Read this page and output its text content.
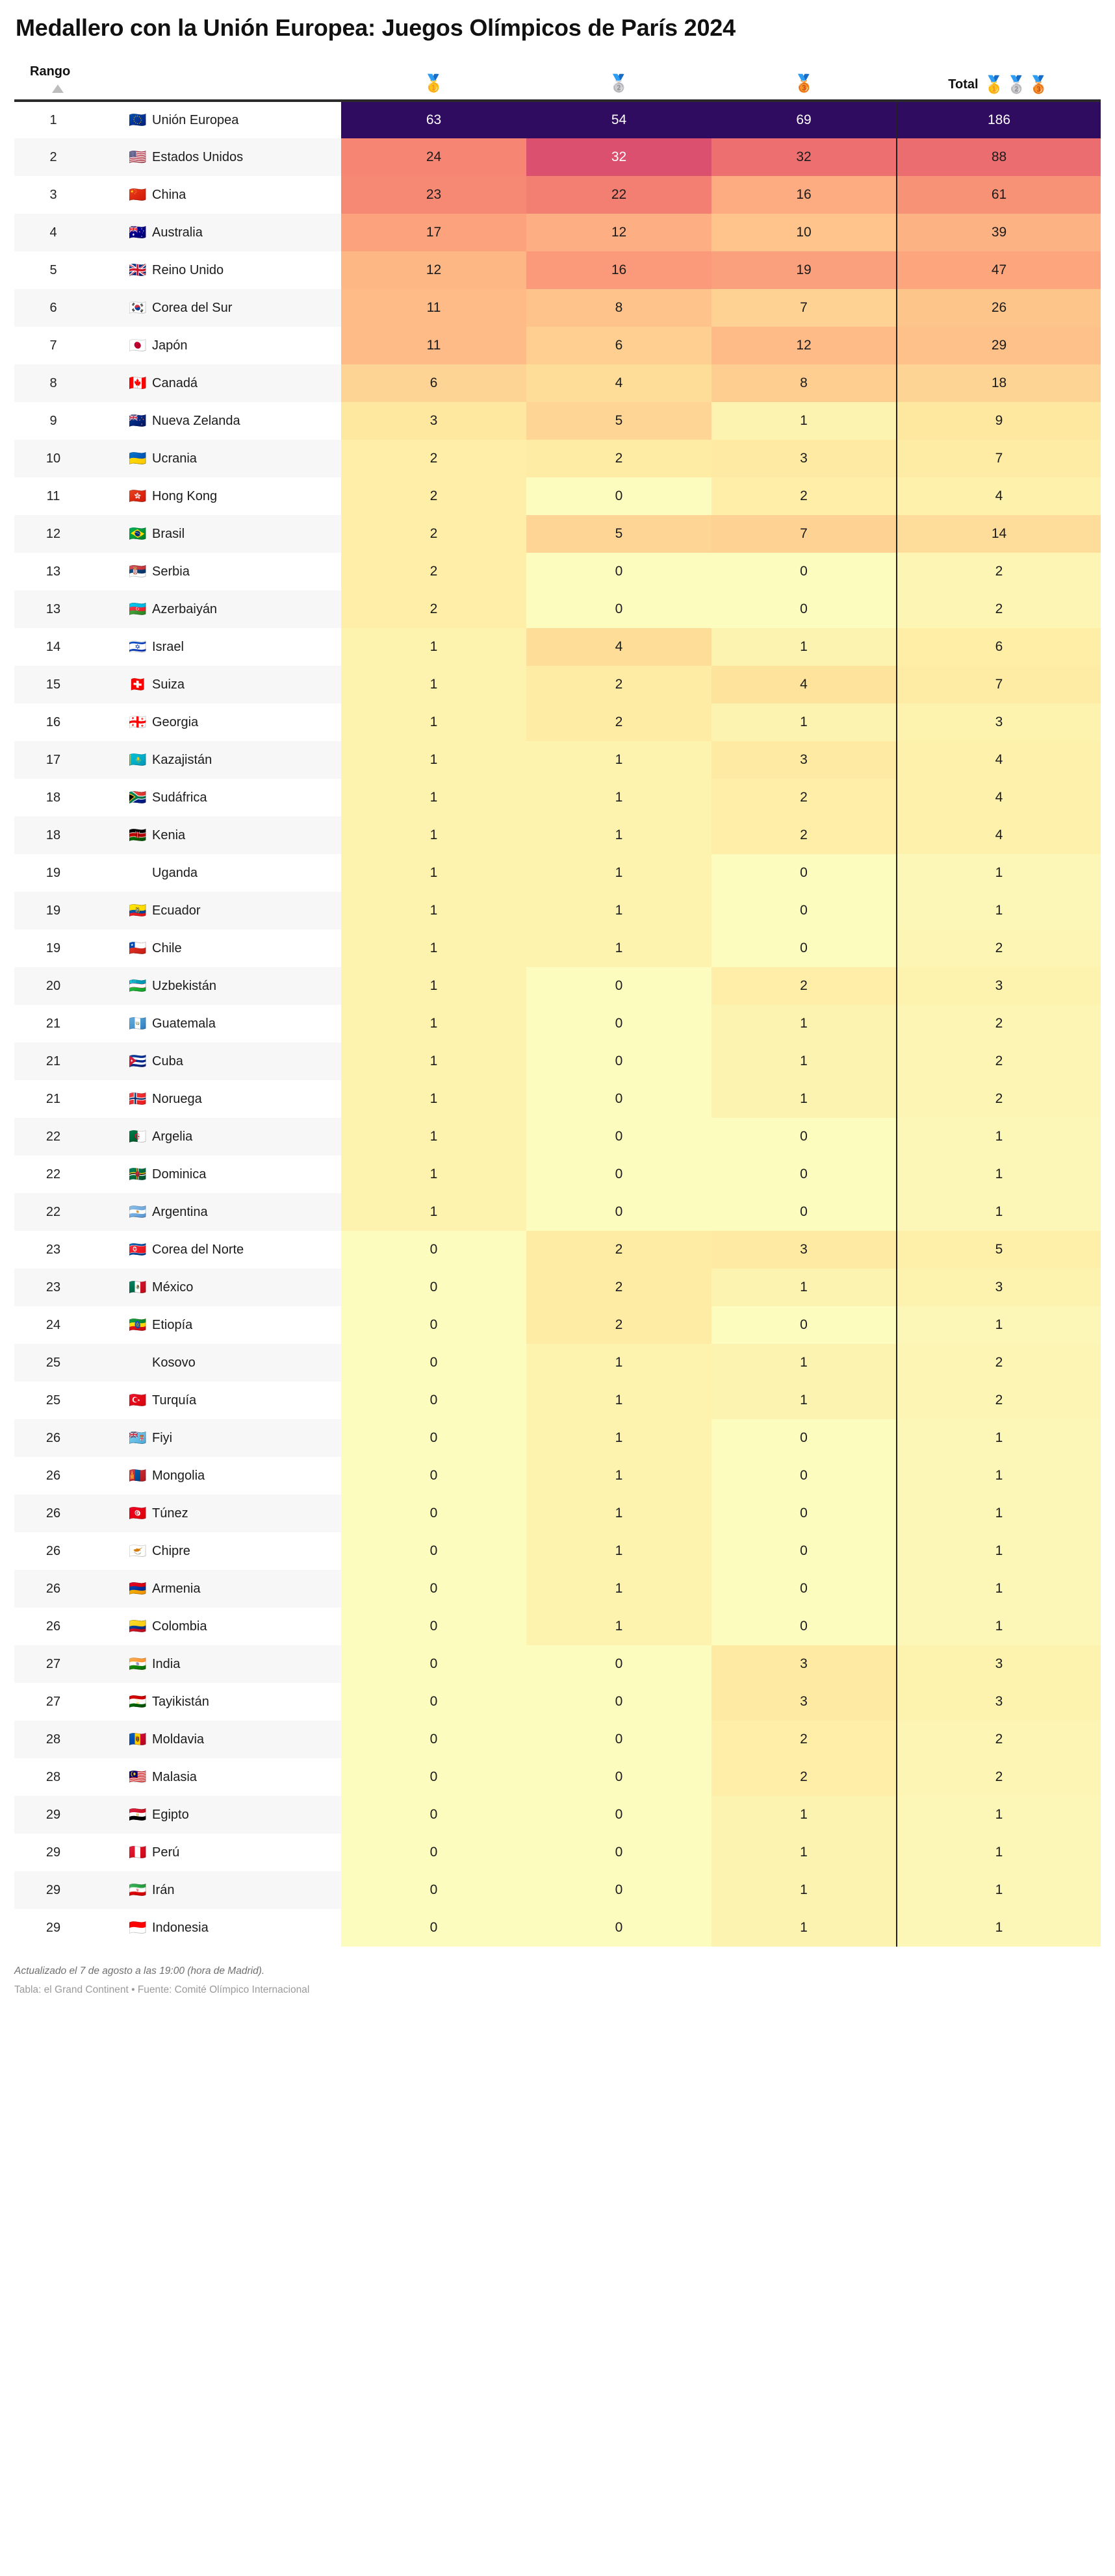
Medallero con la Unión Europea: Juegos Olímpicos de París 2024
Rango		🥇	🥈	🥉	Total 🥇 🥈 🥉

1	🇪🇺 Unión Europea	63	54	69	186
2	🇺🇸 Estados Unidos	24	32	32	88
3	🇨🇳 China	23	22	16	61
4	🇦🇺 Australia	17	12	10	39
5	🇬🇧 Reino Unido	12	16	19	47
6	🇰🇷 Corea del Sur	11	8	7	26
7	🇯🇵 Japón	11	6	12	29
8	🇨🇦 Canadá	6	4	8	18
9	🇳🇿 Nueva Zelanda	3	5	1	9
10	🇺🇦 Ucrania	2	2	3	7
11	🇭🇰 Hong Kong	2	0	2	4
12	🇧🇷 Brasil	2	5	7	14
13	🇷🇸 Serbia	2	0	0	2
13	🇦🇿 Azerbaiyán	2	0	0	2
14	🇮🇱 Israel	1	4	1	6
15	🇨🇭 Suiza	1	2	4	7
16	🇬🇪 Georgia	1	2	1	3
17	🇰🇿 Kazajistán	1	1	3	4
18	🇿🇦 Sudáfrica	1	1	2	4
18	🇰🇪 Kenia	1	1	2	4
19	Uganda	1	1	0	1
19	🇪🇨 Ecuador	1	1	0	1
19	🇨🇱 Chile	1	1	0	2
20	🇺🇿 Uzbekistán	1	0	2	3
21	🇬🇹 Guatemala	1	0	1	2
21	🇨🇺 Cuba	1	0	1	2
21	🇳🇴 Noruega	1	0	1	2
22	🇩🇿 Argelia	1	0	0	1
22	🇩🇲 Dominica	1	0	0	1
22	🇦🇷 Argentina	1	0	0	1
23	🇰🇵 Corea del Norte	0	2	3	5
23	🇲🇽 México	0	2	1	3
24	🇪🇹 Etiopía	0	2	0	1
25	Kosovo	0	1	1	2
25	🇹🇷 Turquía	0	1	1	2
26	🇫🇯 Fiyi	0	1	0	1
26	🇲🇳 Mongolia	0	1	0	1
26	🇹🇳 Túnez	0	1	0	1
26	🇨🇾 Chipre	0	1	0	1
26	🇦🇲 Armenia	0	1	0	1
26	🇨🇴 Colombia	0	1	0	1
27	🇮🇳 India	0	0	3	3
27	🇹🇯 Tayikistán	0	0	3	3
28	🇲🇩 Moldavia	0	0	2	2
28	🇲🇾 Malasia	0	0	2	2
29	🇪🇬 Egipto	0	0	1	1
29	🇵🇪 Perú	0	0	1	1
29	🇮🇷 Irán	0	0	1	1
29	🇮🇩 Indonesia	0	0	1	1
Actualizado el 7 de agosto a las 19:00 (hora de Madrid).
Tabla: el Grand Continent • Fuente: Comité Olímpico Internacional
